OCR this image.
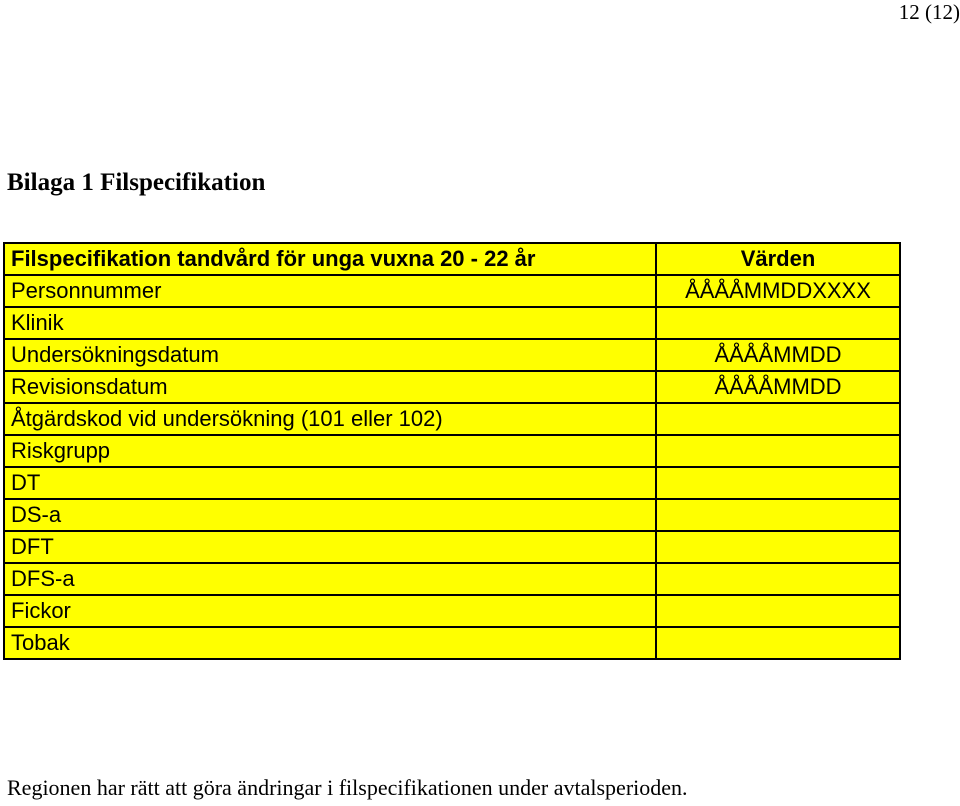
12 (12)
Bilaga 1 Filspecifikation
Filspecifikation tandvård för unga vuxna 20 - 22 år	Värden
Personnummer	ÅÅÅÅMMDDXXXX
Klinik	
Undersökningsdatum	ÅÅÅÅMMDD
Revisionsdatum	ÅÅÅÅMMDD
Åtgärdskod vid undersökning (101 eller 102)	
Riskgrupp	
DT	
DS-a	
DFT	
DFS-a	
Fickor	
Tobak	

Regionen har rätt att göra ändringar i filspecifikationen under avtalsperioden.
